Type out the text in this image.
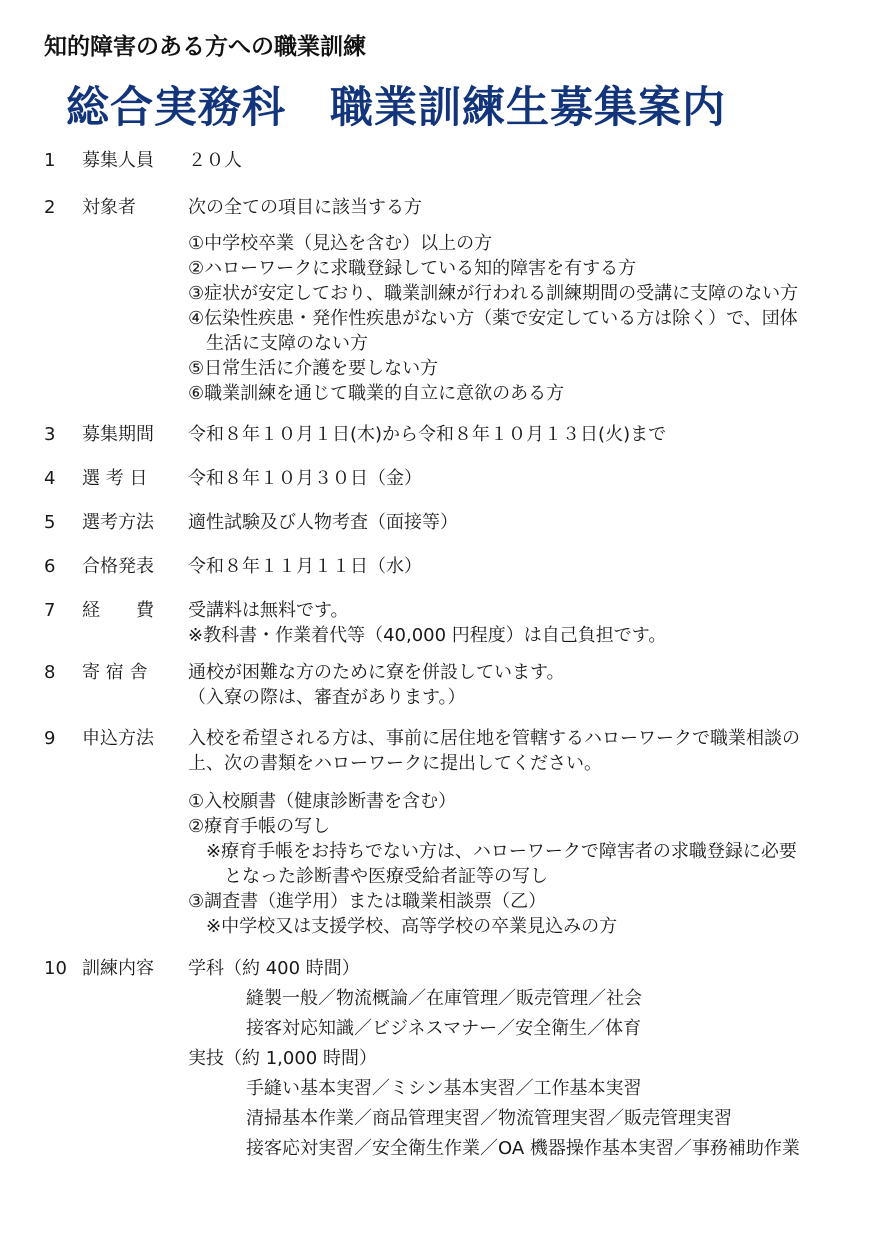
知的障害のある方への職業訓練
総合実務科　職業訓練生募集案内
1 募集人員 ２０人
2 対象者	次の全ての項目に該当する方
①中学校卒業（見込を含む）以上の方
②ハローワークに求職登録している知的障害を有する方
③症状が安定しており、職業訓練が行われる訓練期間の受講に支障のない方
④伝染性疾患・発作性疾患がない方（薬で安定している方は除く）で、団体
　生活に支障のない方
⑤日常生活に介護を要しない方
⑥職業訓練を通じて職業的自立に意欲のある方
3 募集期間 令和８年１０月１日(木)から令和８年１０月１３日(火)まで
4 選 考 日 令和８年１０月３０日（金）
5 選考方法 適性試験及び人物考査（面接等）
6 合格発表 令和８年１１月１１日（水）
7 経　　費 受講料は無料です。
※教科書・作業着代等（40,000 円程度）は自己負担です。
8 寄 宿 舎 通校が困難な方のために寮を併設しています。
（入寮の際は、審査があります。）
9 申込方法 入校を希望される方は、事前に居住地を管轄するハローワークで職業相談の
上、次の書類をハローワークに提出してください。
①入校願書（健康診断書を含む）
②療育手帳の写し
　※療育手帳をお持ちでない方は、ハローワークで障害者の求職登録に必要
　　となった診断書や医療受給者証等の写し
③調査書（進学用）または職業相談票（乙）
　※中学校又は支援学校、高等学校の卒業見込みの方
10 訓練内容 学科（約 400 時間）
縫製一般／物流概論／在庫管理／販売管理／社会
接客対応知識／ビジネスマナー／安全衛生／体育
実技（約 1,000 時間）
手縫い基本実習／ミシン基本実習／工作基本実習
清掃基本作業／商品管理実習／物流管理実習／販売管理実習
接客応対実習／安全衛生作業／OA 機器操作基本実習／事務補助作業
